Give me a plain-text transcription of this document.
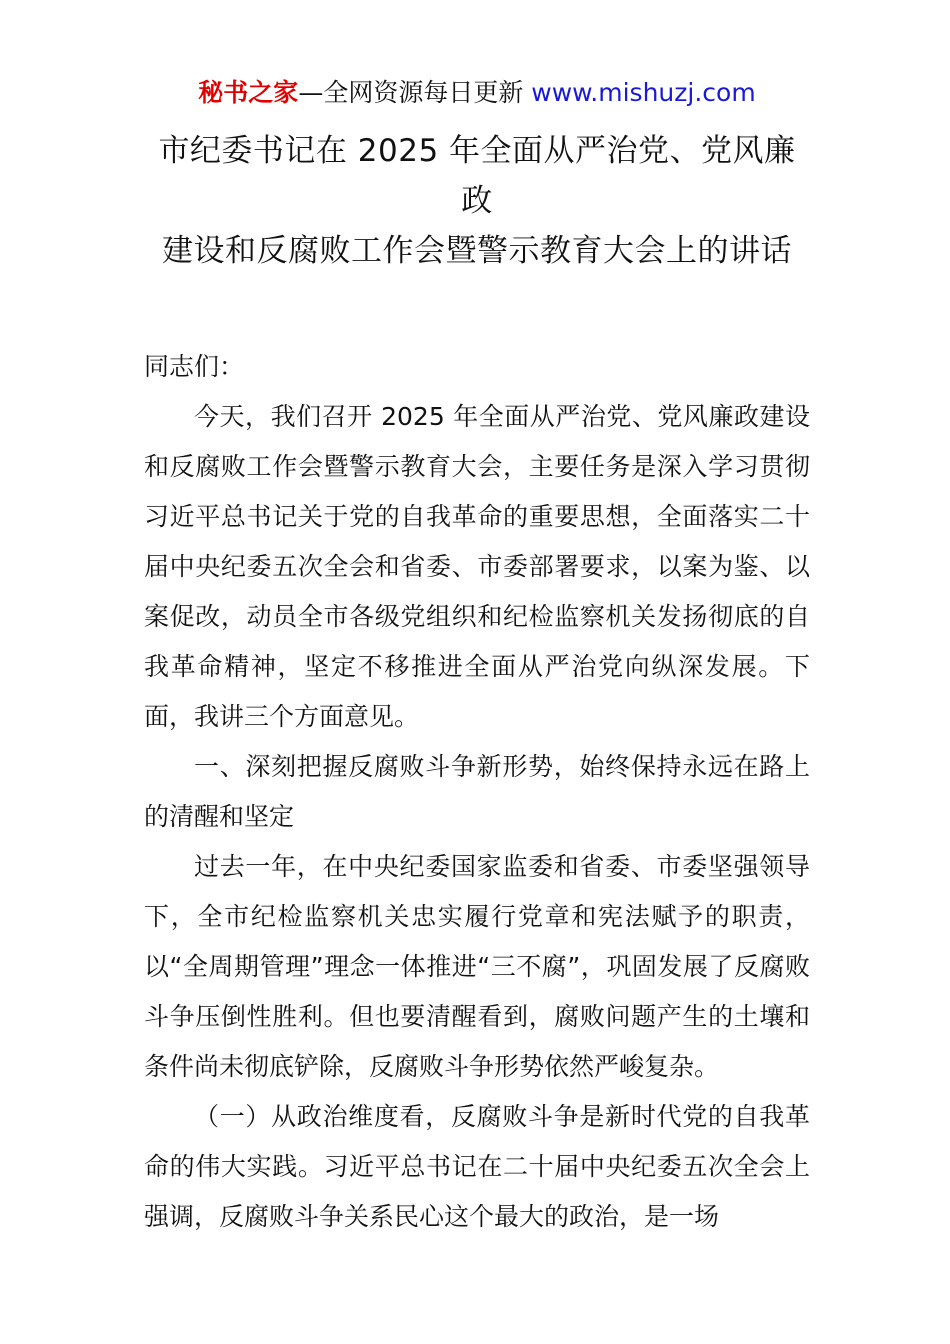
秘书之家—全网资源每日更新 www.mishuzj.com
市纪委书记在 2025 年全面从严治党、党风廉政
建设和反腐败工作会暨警示教育大会上的讲话

同志们：

今天，我们召开 2025 年全面从严治党、党风廉政建设和反腐败工作会暨警示教育大会，主要任务是深入学习贯彻习近平总书记关于党的自我革命的重要思想，全面落实二十届中央纪委五次全会和省委、市委部署要求，以案为鉴、以案促改，动员全市各级党组织和纪检监察机关发扬彻底的自我革命精神，坚定不移推进全面从严治党向纵深发展。下面，我讲三个方面意见。

一、深刻把握反腐败斗争新形势，始终保持永远在路上的清醒和坚定

过去一年，在中央纪委国家监委和省委、市委坚强领导下，全市纪检监察机关忠实履行党章和宪法赋予的职责，以“全周期管理”理念一体推进“三不腐”，巩固发展了反腐败斗争压倒性胜利。但也要清醒看到，腐败问题产生的土壤和条件尚未彻底铲除，反腐败斗争形势依然严峻复杂。

（一）从政治维度看，反腐败斗争是新时代党的自我革命的伟大实践。习近平总书记在二十届中央纪委五次全会上强调，反腐败斗争关系民心这个最大的政治，是一场
